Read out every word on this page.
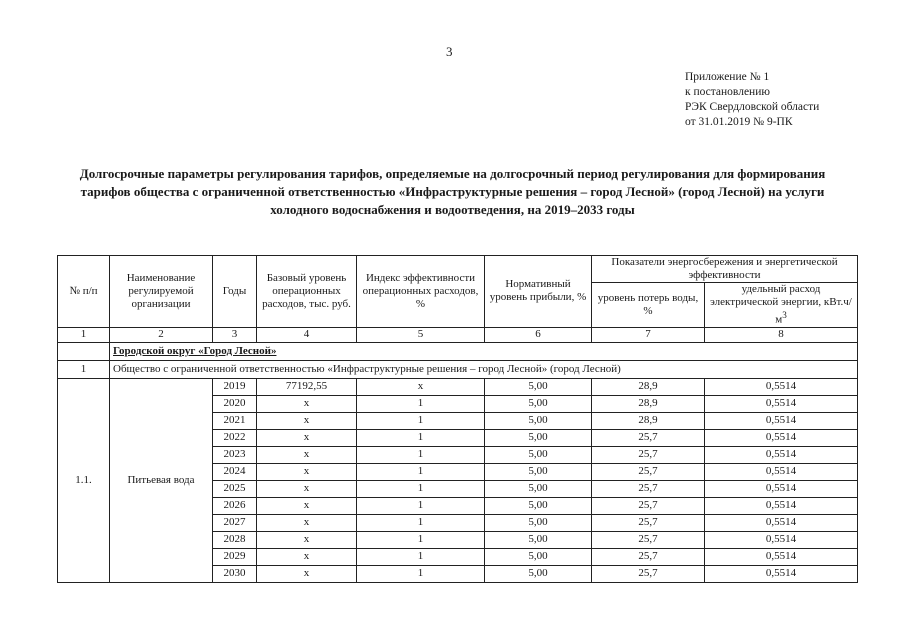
3
Приложение № 1
к постановлению
РЭК Свердловской области
от 31.01.2019 № 9-ПК
Долгосрочные параметры регулирования тарифов, определяемые на долгосрочный период регулирования для формирования тарифов общества с ограниченной ответственностью «Инфраструктурные решения – город Лесной» (город Лесной) на услуги холодного водоснабжения и водоотведения, на 2019–2033 годы
№ п/п	Наименование регулируемой организации	Годы	Базовый уровень операционных расходов, тыс. руб.	Индекс эффективности операционных расходов, %	Нормативный уровень прибыли, %	Показатели энергосбережения и энергетической эффективности	
						уровень потерь воды, %	удельный расход электрической энергии, $кВт.ч/м^3$
1	2	3	4	5	6	7	8
	Городской округ «Город Лесной»						
1	Общество с ограниченной ответственностью «Инфраструктурные решения – город Лесной» (город Лесной)						
1.1.	Питьевая вода	2019	77192,55	х	5,00	28,9	0,5514
		2020	х	1	5,00	28,9	0,5514
		2021	х	1	5,00	28,9	0,5514
		2022	х	1	5,00	25,7	0,5514
		2023	х	1	5,00	25,7	0,5514
		2024	х	1	5,00	25,7	0,5514
		2025	х	1	5,00	25,7	0,5514
		2026	х	1	5,00	25,7	0,5514
		2027	х	1	5,00	25,7	0,5514
		2028	х	1	5,00	25,7	0,5514
		2029	х	1	5,00	25,7	0,5514
		2030	х	1	5,00	25,7	0,5514
